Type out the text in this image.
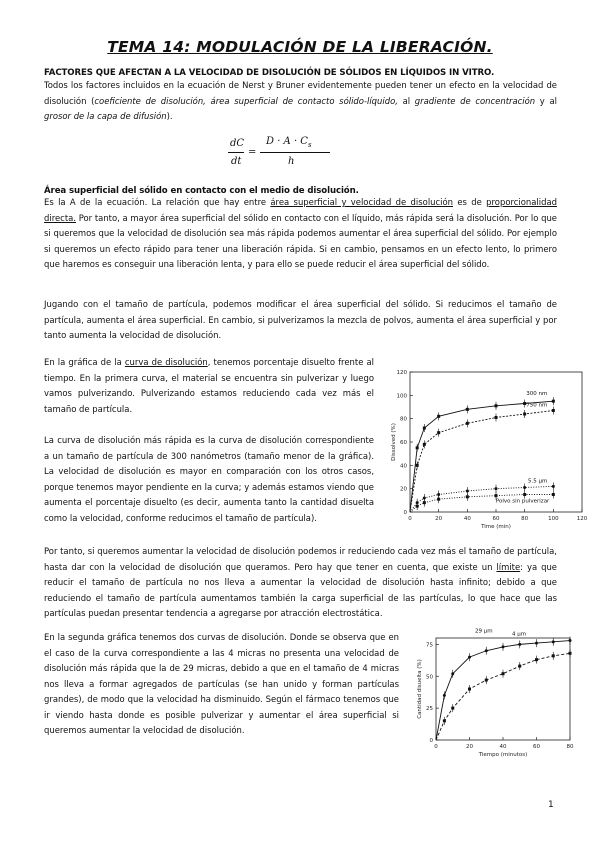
TEMA 14: MODULACIÓN DE LA LIBERACIÓN.
FACTORES QUE AFECTAN A LA VELOCIDAD DE DISOLUCIÓN DE SÓLIDOS EN LÍQUIDOS IN VITRO.

Todos los factores incluidos en la ecuación de Nerst y Bruner evidentemente pueden tener un efecto en la velocidad de disolución (coeficiente de disolución, área superficial de contacto sólido-líquido, al gradiente de concentración y al grosor de la capa de difusión).

dC
dt
=
$D \cdot A \cdot C_s$
h
Área superficial del sólido en contacto con el medio de disolución.

Es la A de la ecuación. La relación que hay entre área superficial y velocidad de disolución es de proporcionalidad directa. Por tanto, a mayor área superficial del sólido en contacto con el líquido, más rápida será la disolución. Por lo que si queremos que la velocidad de disolución sea más rápida podemos aumentar el área superficial del sólido. Por ejemplo si queremos un efecto rápido para tener una liberación rápida. Si en cambio, pensamos en un efecto lento, lo primero que haremos es conseguir una liberación lenta, y para ello se puede reducir el área superficial del sólido.

Jugando con el tamaño de partícula, podemos modificar el área superficial del sólido. Si reducimos el tamaño de partícula, aumenta el área superficial. En cambio, si pulverizamos la mezcla de polvos, aumenta el área superficial y por tanto aumenta la velocidad de disolución.

En la gráfica de la curva de disolución, tenemos porcentaje disuelto frente al tiempo. En la primera curva, el material se encuentra sin pulverizar y luego vamos pulverizando. Pulverizando estamos reduciendo cada vez más el tamaño de partícula.

La curva de disolución más rápida es la curva de disolución correspondiente a un tamaño de partícula de 300 nanómetros (tamaño menor de la gráfica). La velocidad de disolución es mayor en comparación con los otros casos, porque tenemos mayor pendiente en la curva; y además estamos viendo que aumenta el porcentaje disuelto (es decir, aumenta tanto la cantidad disuelta como la velocidad, conforme reducimos el tamaño de partícula).	0	20	40	60	80	100	120
0
20
40
60
80
100
120
Time (min)
Dissolved (%)
300 nm
750 nm
5.5 µm
Polvo sin pulverizar

Por tanto, si queremos aumentar la velocidad de disolución podemos ir reduciendo cada vez más el tamaño de partícula, hasta dar con la velocidad de disolución que queramos. Pero hay que tener en cuenta, que existe un límite: ya que reducir el tamaño de partícula no nos lleva a aumentar la velocidad de disolución hasta infinito; debido a que reduciendo el tamaño de partícula aumentamos también la carga superficial de las partículas, lo que hace que las partículas puedan presentar tendencia a agregarse por atracción electrostática.

En la segunda gráfica tenemos dos curvas de disolución. Donde se observa que en el caso de la curva correspondiente a las 4 micras no presenta una velocidad de disolución más rápida que la de 29 micras, debido a que en el tamaño de 4 micras nos lleva a formar agregados de partículas (se han unido y forman partículas grandes), de modo que la velocidad ha disminuido. Según el fármaco tenemos que ir viendo hasta donde es posible pulverizar y aumentar el área superficial si queremos aumentar la velocidad de disolución.

0	20	40	60	80
0
25
50
75
Tiempo (minutos)
Cantidad disuelta (%)
29 µm	4 µm
1
